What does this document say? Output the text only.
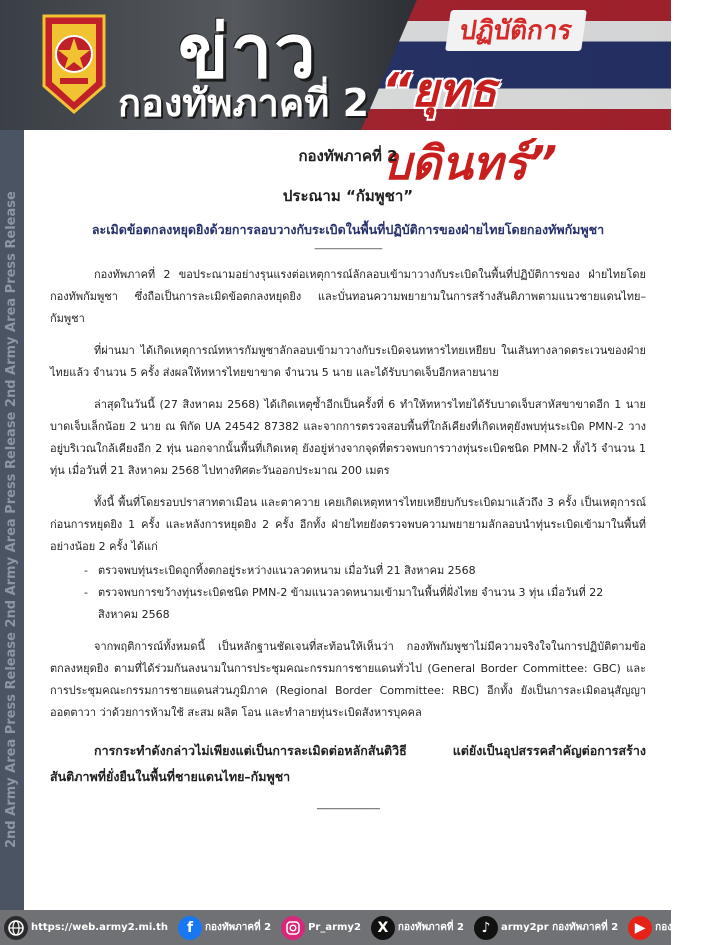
ข่าว
กองทัพภาคที่ 2
ปฏิบัติการ
“ยุทธบดินทร์”
2nd Army Area Press Release 2nd Army Area Press Release 2nd Army Area Press Release
กองทัพภาคที่ 2
ประณาม “กัมพูชา”
ละเมิดข้อตกลงหยุดยิงด้วยการลอบวางกับระเบิดในพื้นที่ปฏิบัติการของฝ่ายไทยโดยกองทัพกัมพูชา
------------------------------

กองทัพภาคที่ 2 ขอประณามอย่างรุนแรงต่อเหตุการณ์ลักลอบเข้ามาวางกับระเบิดในพื้นที่ปฏิบัติการของ ฝ่ายไทยโดยกองทัพกัมพูชา ซึ่งถือเป็นการละเมิดข้อตกลงหยุดยิง และบั่นทอนความพยายามในการสร้างสันติภาพตามแนวชายแดนไทย–กัมพูชา

ที่ผ่านมา ได้เกิดเหตุการณ์ทหารกัมพูชาลักลอบเข้ามาวางกับระเบิดจนทหารไทยเหยียบ ในเส้นทางลาดตระเวนของฝ่ายไทยแล้ว จำนวน 5 ครั้ง ส่งผลให้ทหารไทยขาขาด จำนวน 5 นาย และได้รับบาดเจ็บอีกหลายนาย

ล่าสุดในวันนี้ (27 สิงหาคม 2568) ได้เกิดเหตุซ้ำอีกเป็นครั้งที่ 6 ทำให้ทหารไทยได้รับบาดเจ็บสาหัสขาขาดอีก 1 นาย บาดเจ็บเล็กน้อย 2 นาย ณ พิกัด UA 24542 87382 และจากการตรวจสอบพื้นที่ใกล้เคียงที่เกิดเหตุยังพบทุ่นระเบิด PMN-2 วางอยู่บริเวณใกล้เคียงอีก 2 ทุ่น นอกจากนั้นพื้นที่เกิดเหตุ ยังอยู่ห่างจากจุดที่ตรวจพบการวางทุ่นระเบิดชนิด PMN-2 ทั้งไว้ จำนวน 1 ทุ่น เมื่อวันที่ 21 สิงหาคม 2568 ไปทางทิศตะวันออกประมาณ 200 เมตร

ทั้งนี้ พื้นที่โดยรอบปราสาทตาเมือน และตาควาย เคยเกิดเหตุทหารไทยเหยียบกับระเบิดมาแล้วถึง 3 ครั้ง เป็นเหตุการณ์ก่อนการหยุดยิง 1 ครั้ง และหลังการหยุดยิง 2 ครั้ง อีกทั้ง ฝ่ายไทยยังตรวจพบความพยายามลักลอบนำทุ่นระเบิดเข้ามาในพื้นที่อย่างน้อย 2 ครั้ง ได้แก่

- ตรวจพบทุ่นระเบิดถูกทิ้งตกอยู่ระหว่างแนวลวดหนาม เมื่อวันที่ 21 สิงหาคม 2568
- ตรวจพบการขว้างทุ่นระเบิดชนิด PMN-2 ข้ามแนวลวดหนามเข้ามาในพื้นที่ฝั่งไทย จำนวน 3 ทุ่น เมื่อวันที่ 22 สิงหาคม 2568

จากพฤติการณ์ทั้งหมดนี้ เป็นหลักฐานชัดเจนที่สะท้อนให้เห็นว่า กองทัพกัมพูชาไม่มีความจริงใจในการปฏิบัติตามข้อตกลงหยุดยิง ตามที่ได้ร่วมกันลงนามในการประชุมคณะกรรมการชายแดนทั่วไป (General Border Committee: GBC) และการประชุมคณะกรรมการชายแดนส่วนภูมิภาค (Regional Border Committee: RBC) อีกทั้ง ยังเป็นการละเมิดอนุสัญญาออตตาวา ว่าด้วยการห้ามใช้ สะสม ผลิต โอน และทำลายทุ่นระเบิดสังหารบุคคล

การกระทำดังกล่าวไม่เพียงแต่เป็นการละเมิดต่อหลักสันติวิธี แต่ยังเป็นอุปสรรคสำคัญต่อการสร้างสันติภาพที่ยั่งยืนในพื้นที่ชายแดนไทย–กัมพูชา

----------------------------
https://web.army2.mi.th	f	กองทัพภาคที่ 2	Pr_army2	X กองทัพภาคที่ 2	♪	army2pr กองทัพภาคที่ 2	▶ กองทัพภาคที่ 2
